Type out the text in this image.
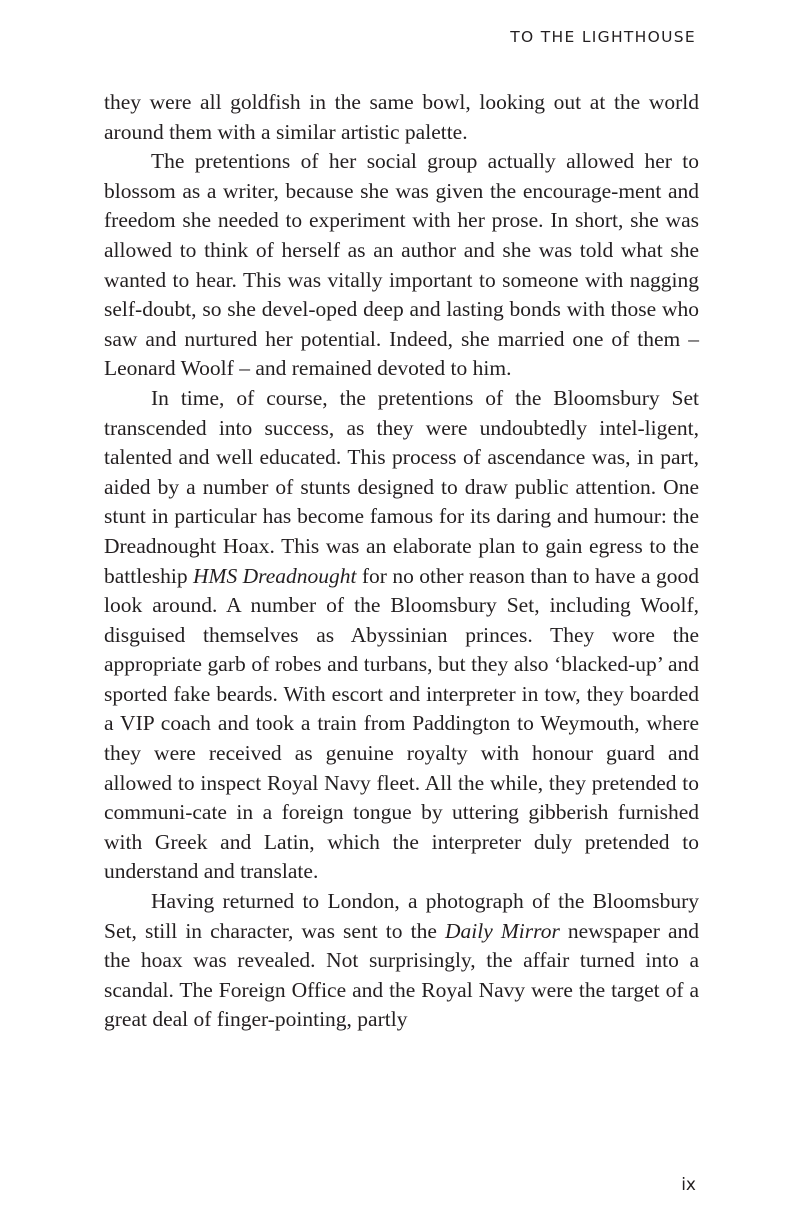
TO THE LIGHTHOUSE

they were all goldfish in the same bowl, looking out at the world around them with a similar artistic palette.

The pretentions of her social group actually allowed her to blossom as a writer, because she was given the encourage-ment and freedom she needed to experiment with her prose. In short, she was allowed to think of herself as an author and she was told what she wanted to hear. This was vitally important to someone with nagging self-doubt, so she devel-oped deep and lasting bonds with those who saw and nurtured her potential. Indeed, she married one of them – Leonard Woolf – and remained devoted to him.

In time, of course, the pretentions of the Bloomsbury Set transcended into success, as they were undoubtedly intel-ligent, talented and well educated. This process of ascendance was, in part, aided by a number of stunts designed to draw public attention. One stunt in particular has become famous for its daring and humour: the Dreadnought Hoax. This was an elaborate plan to gain egress to the battleship HMS Dreadnought for no other reason than to have a good look around. A number of the Bloomsbury Set, including Woolf, disguised themselves as Abyssinian princes. They wore the appropriate garb of robes and turbans, but they also ‘blacked-up’ and sported fake beards. With escort and interpreter in tow, they boarded a VIP coach and took a train from Paddington to Weymouth, where they were received as genuine royalty with honour guard and allowed to inspect Royal Navy fleet. All the while, they pretended to communi-cate in a foreign tongue by uttering gibberish furnished with Greek and Latin, which the interpreter duly pretended to understand and translate.

Having returned to London, a photograph of the Bloomsbury Set, still in character, was sent to the Daily Mirror newspaper and the hoax was revealed. Not surprisingly, the affair turned into a scandal. The Foreign Office and the Royal Navy were the target of a great deal of finger-pointing, partly

ix
